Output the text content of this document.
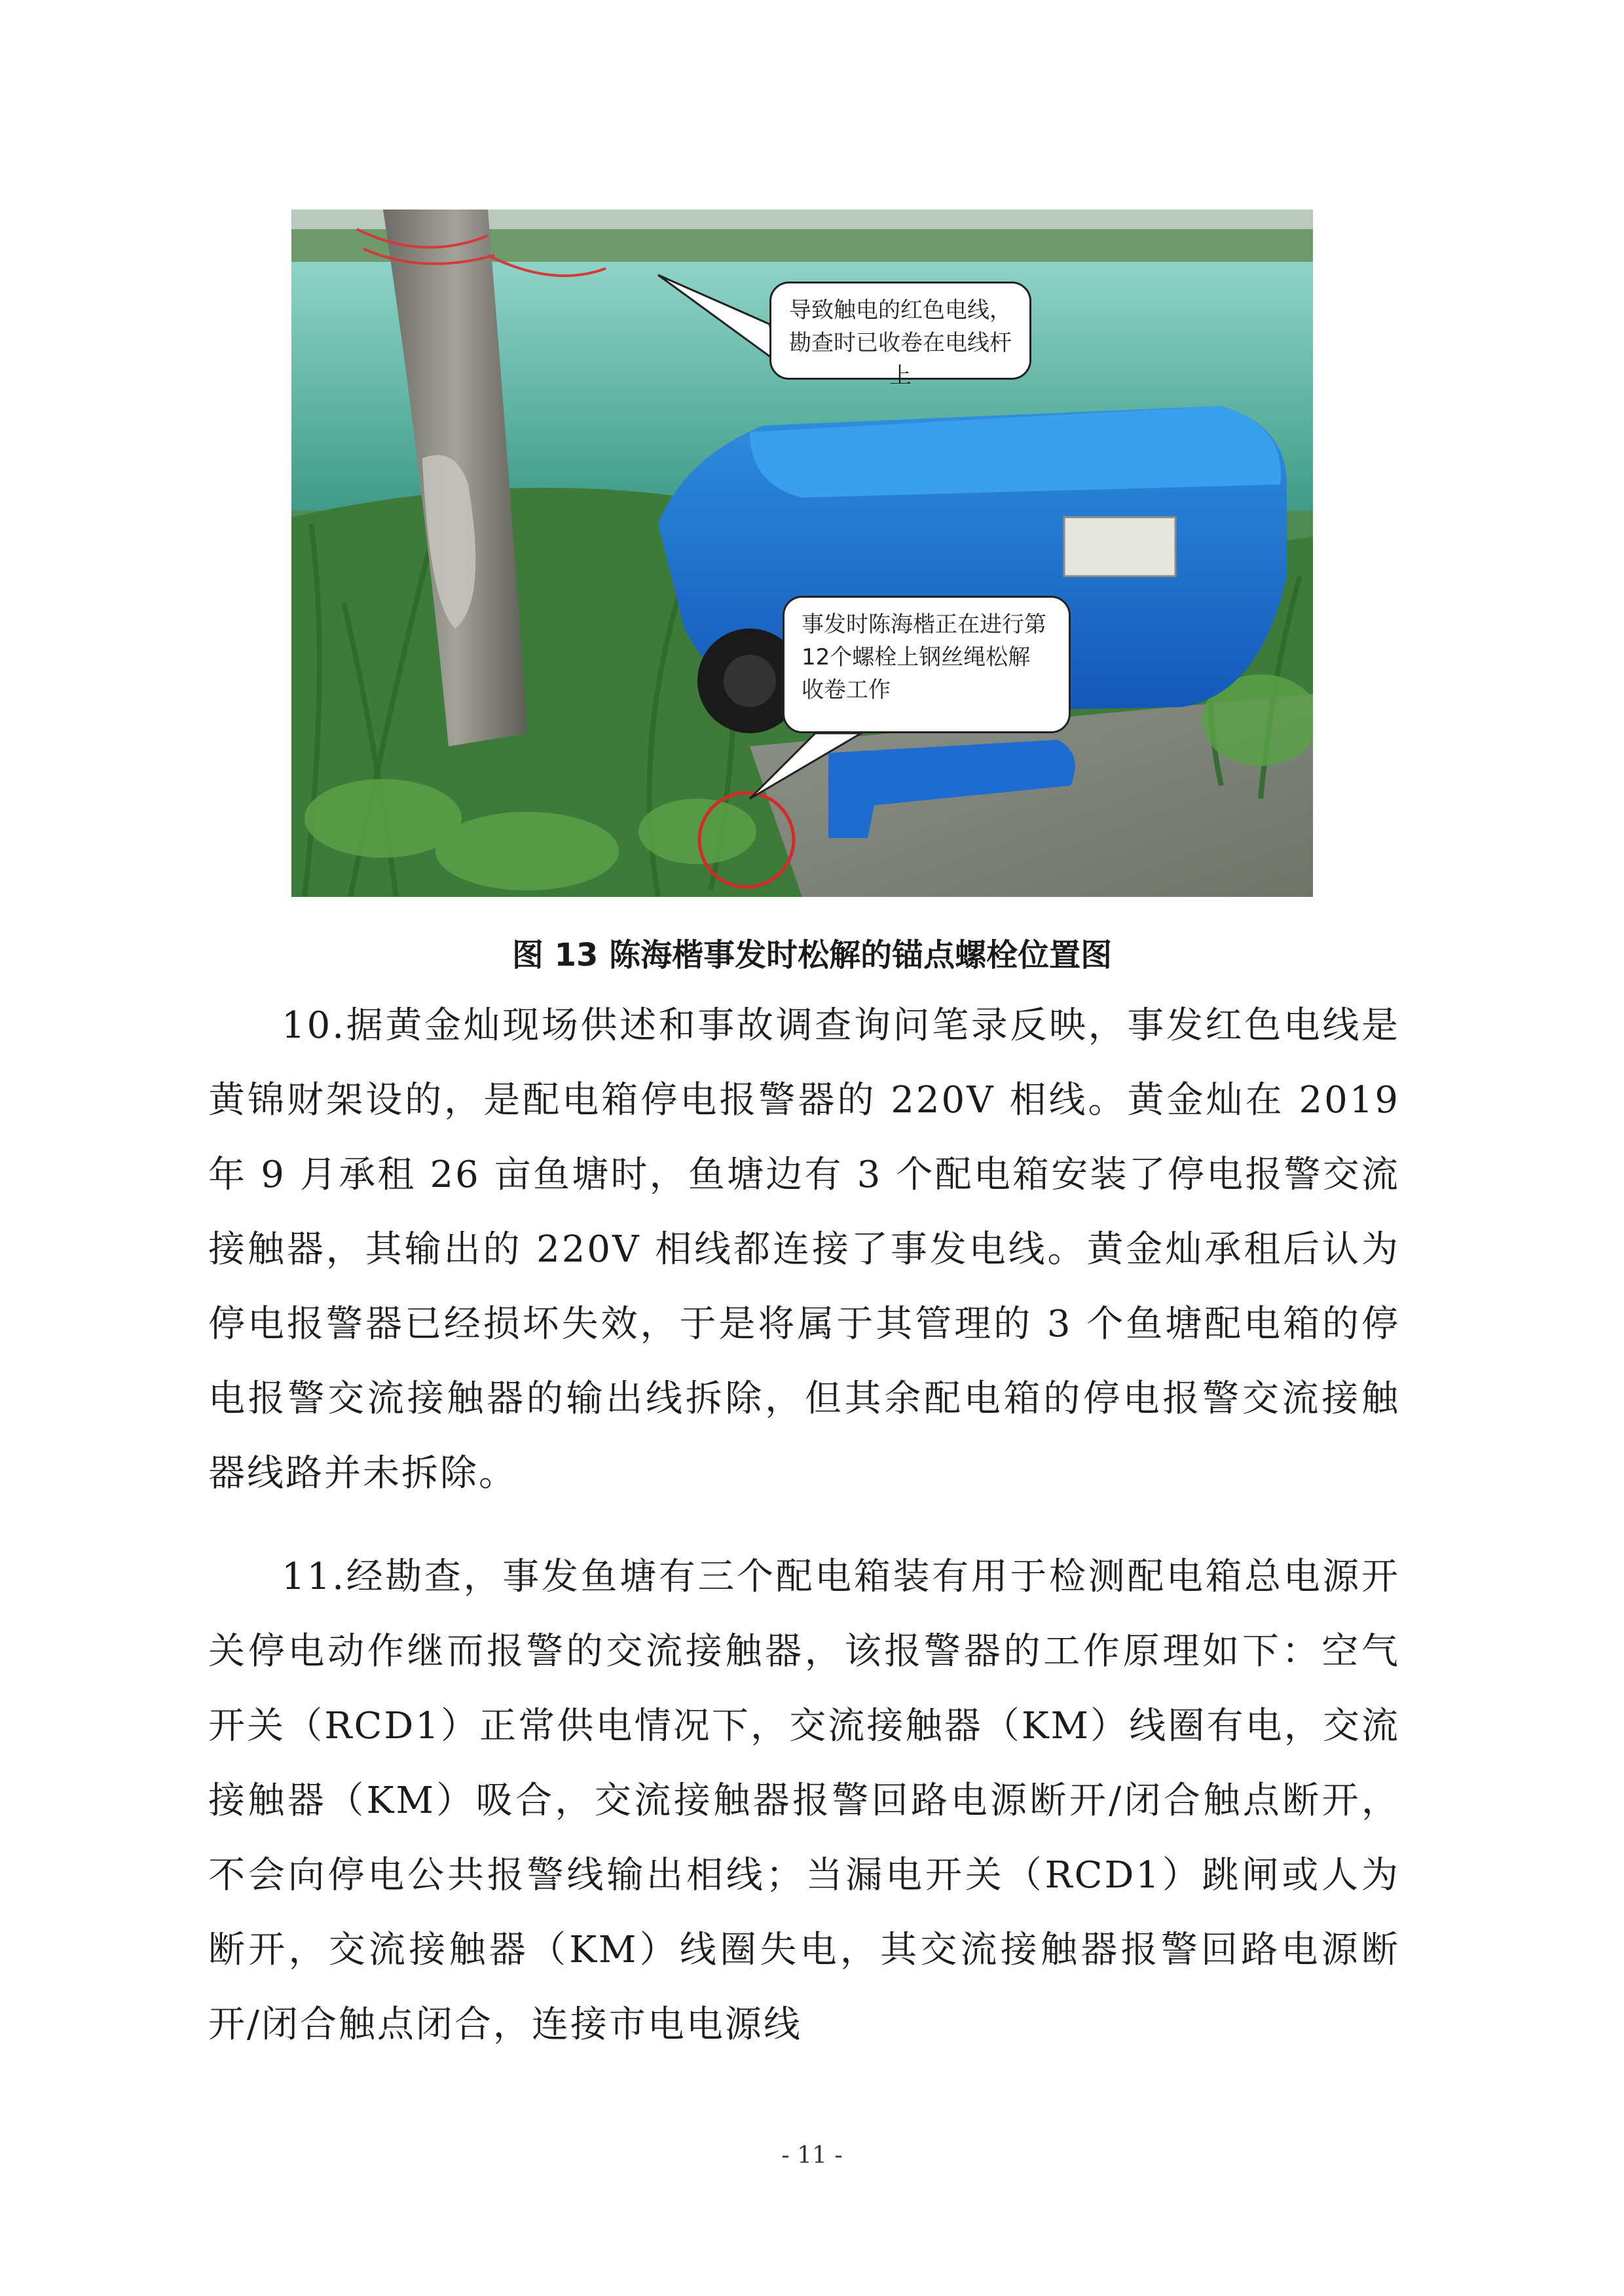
导致触电的红色电线，勘查时已收卷在电线杆上
事发时陈海楷正在进行第12个螺栓上钢丝绳松解收卷工作
图 13 陈海楷事发时松解的锚点螺栓位置图

10.据黄金灿现场供述和事故调查询问笔录反映，事发红色电线是黄锦财架设的，是配电箱停电报警器的 220V 相线。黄金灿在 2019 年 9 月承租 26 亩鱼塘时，鱼塘边有 3 个配电箱安装了停电报警交流接触器，其输出的 220V 相线都连接了事发电线。黄金灿承租后认为停电报警器已经损坏失效，于是将属于其管理的 3 个鱼塘配电箱的停电报警交流接触器的输出线拆除，但其余配电箱的停电报警交流接触器线路并未拆除。

11.经勘查，事发鱼塘有三个配电箱装有用于检测配电箱总电源开关停电动作继而报警的交流接触器，该报警器的工作原理如下：空气开关（RCD1）正常供电情况下，交流接触器（KM）线圈有电，交流接触器（KM）吸合，交流接触器报警回路电源断开/闭合触点断开，不会向停电公共报警线输出相线；当漏电开关（RCD1）跳闸或人为断开，交流接触器（KM）线圈失电，其交流接触器报警回路电源断开/闭合触点闭合，连接市电电源线

- 11 -
